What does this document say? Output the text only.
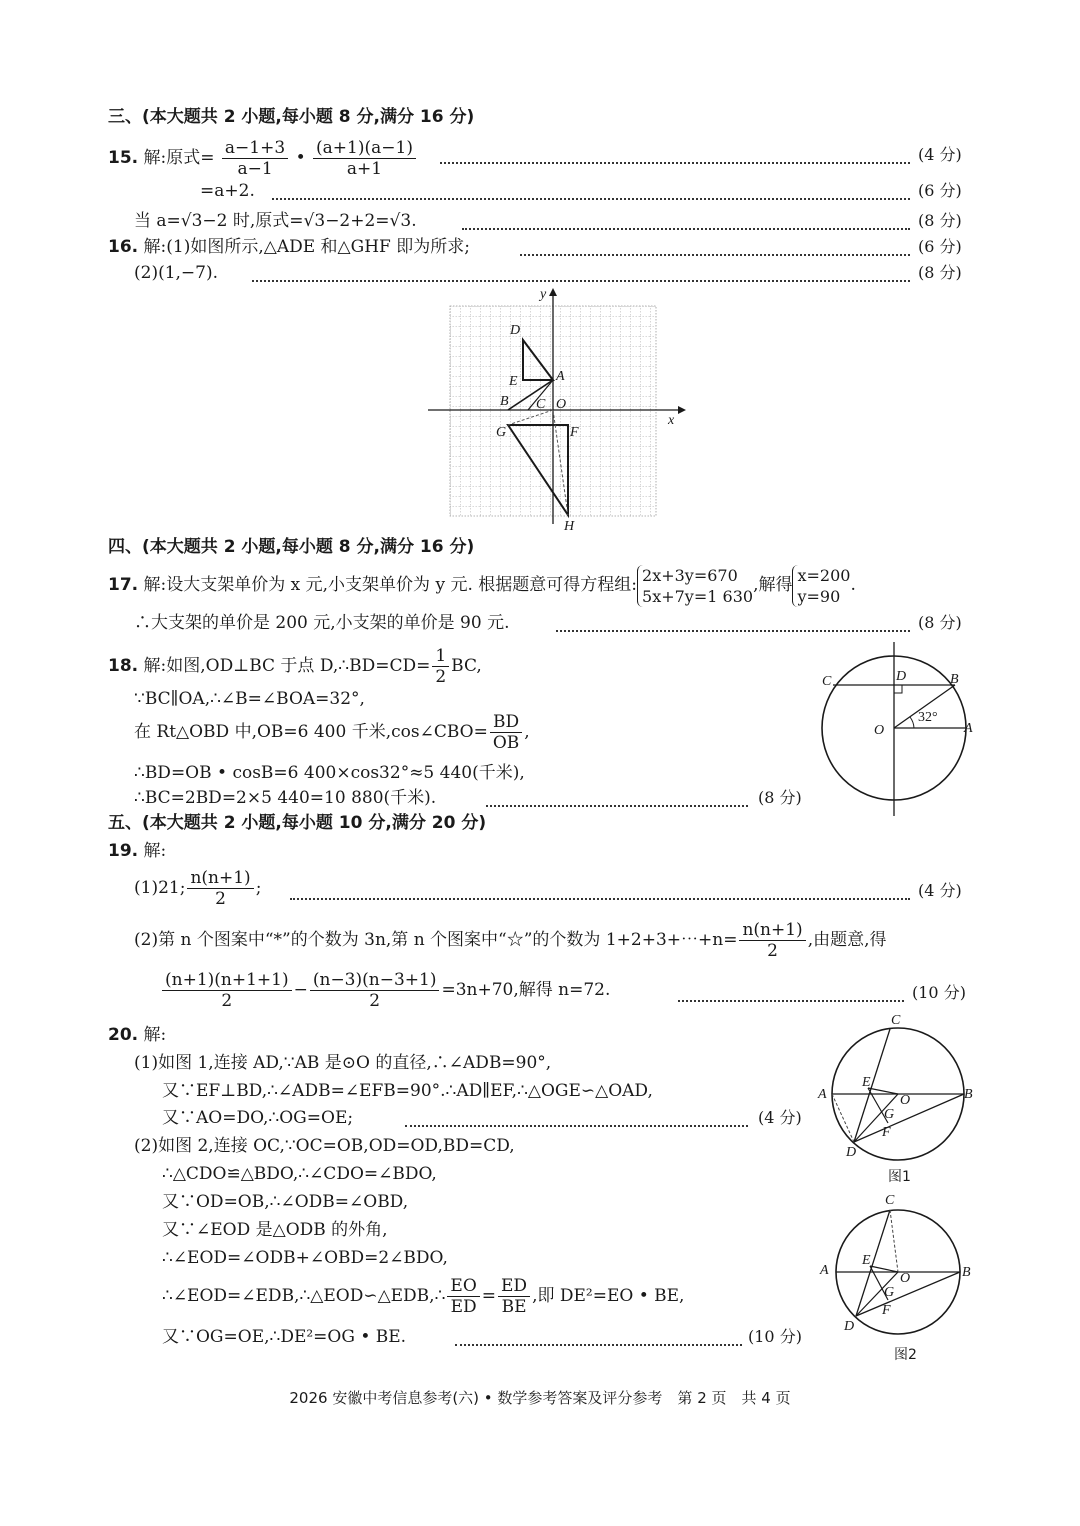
三、(本大题共 2 小题,每小题 8 分,满分 16 分)
15. 解:原式= $\frac{a-1+3}{a-1}$ • $\frac{(a+1)(a-1)}{a+1}$	(4 分)
=a+2.	(6 分)
当 a=√3−2 时,原式=√3−2+2=√3.	(8 分)
16. 解:(1)如图所示,△ADE 和△GHF 即为所求;	(6 分)
(2)(1,−7).	(8 分)
x
y
D
A
E
B C O
G	F
H
四、(本大题共 2 小题,每小题 8 分,满分 16 分)
17. 解:设大支架单价为 x 元,小支架单价为 y 元. 根据题意可得方程组: 2x+3y=670
5x+7y=1 630
,解得 x=200
y=90
.
∴大支架的单价是 200 元,小支架的单价是 90 元.	(8 分)
18. 解:如图,OD⊥BC 于点 D,∴BD=CD= $\frac{1}{2}$ BC,
∵BC∥OA,∴∠B=∠BOA=32°,
在 Rt△OBD 中,OB=6 400 千米,cos∠CBO= $\frac{BD}{OB}$ ,
∴BD=OB • cosB=6 400×cos32°≈5 440(千米),
∴BC=2BD=2×5 440=10 880(千米).	(8 分)
C	D	B
O	A
32°
五、(本大题共 2 小题,每小题 10 分,满分 20 分)
19. 解:
(1)21; $\frac{n(n+1)}{2}$ ;	(4 分)
(2)第 n 个图案中“*”的个数为 3n,第 n 个图案中“☆”的个数为 1+2+3+⋯+n= $\frac{n(n+1)}{2}$ ,由题意,得
$\frac{(n+1)(n+1+1)}{2} - \frac{(n-3)(n-3+1)}{2} =3n+70$,解得 n=72.	(10 分)
20. 解:
(1)如图 1,连接 AD,∵AB 是⊙O 的直径,∴∠ADB=90°,
又∵EF⊥BD,∴∠ADB=∠EFB=90°.∴AD∥EF,∴△OGE∽△OAD,
又∵AO=DO,∴OG=OE;	(4 分)
(2)如图 2,连接 OC,∵OC=OB,OD=OD,BD=CD,
∴△CDO≌△BDO,∴∠CDO=∠BDO,
又∵OD=OB,∴∠ODB=∠OBD,
又∵∠EOD 是△ODB 的外角,
∴∠EOD=∠ODB+∠OBD=2∠BDO,
∴∠EOD=∠EDB,∴△EOD∽△EDB,∴ $\frac{EO}{ED} = \frac{ED}{BE}$ ,即 DE²=EO • BE,
又∵OG=OE,∴DE²=OG • BE.	(10 分)
C
A
E
O	B
G
F
D
图1
C
A
E
O	B
G
F
D
图2
2026 安徽中考信息参考(六) • 数学参考答案及评分参考　第 2 页　共 4 页
